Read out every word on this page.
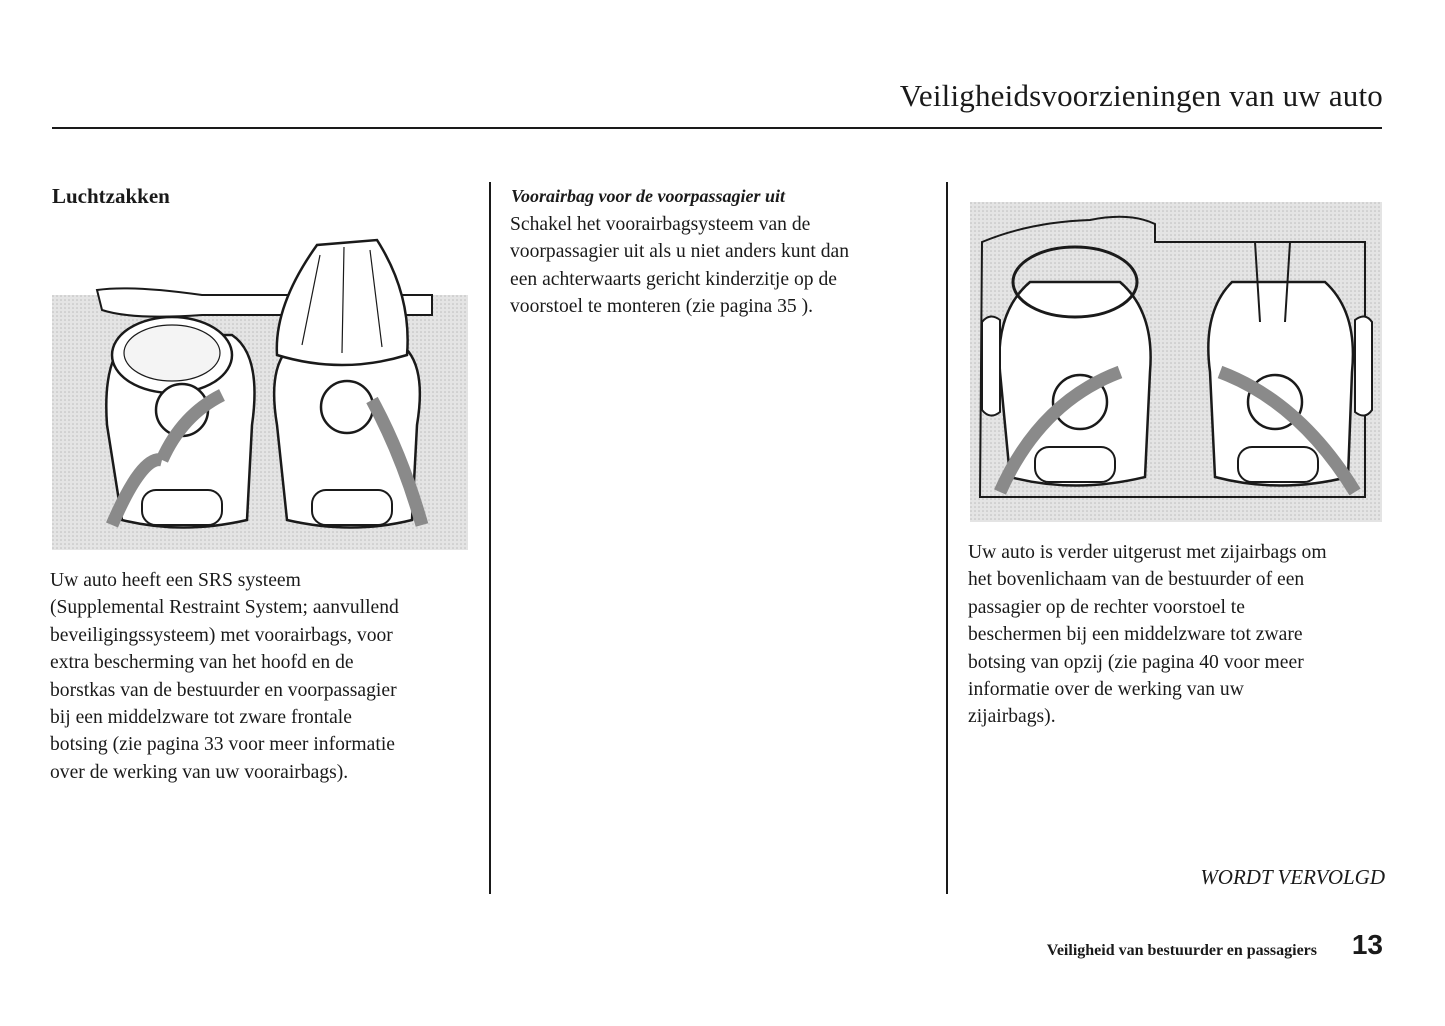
Veiligheidsvoorzieningen van uw auto
Luchtzakken
Uw auto heeft een SRS systeem
(Supplemental Restraint System; aanvullend
beveiligingssysteem) met voorairbags, voor
extra bescherming van het hoofd en de
borstkas van de bestuurder en voorpassagier
bij een middelzware tot zware frontale
botsing (zie pagina 33 voor meer informatie
over de werking van uw voorairbags).
Voorairbag voor de voorpassagier uit
Schakel het voorairbagsysteem van de
voorpassagier uit als u niet anders kunt dan
een achterwaarts gericht kinderzitje op de
voorstoel te monteren (zie pagina 35 ).
Uw auto is verder uitgerust met zijairbags om
het bovenlichaam van de bestuurder of een
passagier op de rechter voorstoel te
beschermen bij een middelzware tot zware
botsing van opzij (zie pagina 40 voor meer
informatie over de werking van uw
zijairbags).
WORDT VERVOLGD
Veiligheid van bestuurder en passagiers 13
